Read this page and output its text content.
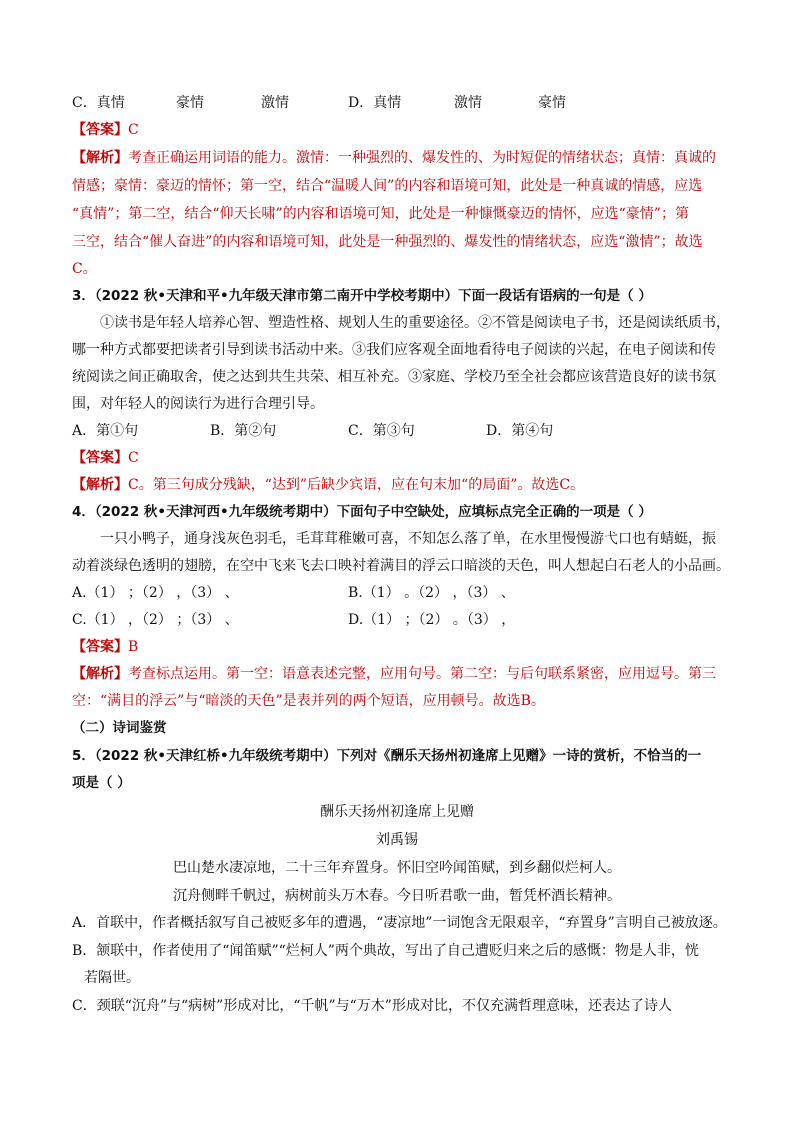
C．真情	豪情	激情	D．真情	激情	豪情
【答案】C
【解析】考查正确运用词语的能力。激情：一种强烈的、爆发性的、为时短促的情绪状态；真情：真诚的
情感；豪情：豪迈的情怀；第一空，结合“温暖人间”的内容和语境可知，此处是一种真诚的情感，应选
“真情”；第二空，结合“仰天长啸”的内容和语境可知，此处是一种慷慨豪迈的情怀，应选“豪情”；第
三空，结合“催人奋进”的内容和语境可知，此处是一种强烈的、爆发性的情绪状态，应选“激情”；故选
C。
3．（2022 秋•天津和平•九年级天津市第二南开中学校考期中）下面一段话有语病的一句是（ ）
①读书是年轻人培养心智、塑造性格、规划人生的重要途径。②不管是阅读电子书，还是阅读纸质书，
哪一种方式都要把读者引导到读书活动中来。③我们应客观全面地看待电子阅读的兴起，在电子阅读和传
统阅读之间正确取舍，使之达到共生共荣、相互补充。③家庭、学校乃至全社会都应该营造良好的读书氛
围，对年轻人的阅读行为进行合理引导。
A．第①句	B．第②句	C．第③句	D．第④句
【答案】C
【解析】C。第三句成分残缺，“达到”后缺少宾语，应在句末加“的局面”。故选C。
4．（2022 秋•天津河西•九年级统考期中）下面句子中空缺处，应填标点完全正确的一项是（ ）
一只小鸭子，通身浅灰色羽毛，毛茸茸稚嫩可喜，不知怎么落了单，在水里慢慢游弋口也有蜻蜓，振
动着淡绿色透明的翅膀，在空中飞来飞去口映衬着满目的浮云口暗淡的天色，叫人想起白石老人的小品画。
A.（1） ；（2） ，（3） 、	B.（1） 。（2） ，（3） 、
C.（1） ，（2） ；（3） 、	D.（1） ；（2） 。（3） ，
【答案】B
【解析】考查标点运用。第一空：语意表述完整，应用句号。第二空：与后句联系紧密，应用逗号。第三
空：“满目的浮云”与“暗淡的天色”是表并列的两个短语，应用顿号。故选B。
（二）诗词鉴赏
5．（2022 秋•天津红桥•九年级统考期中）下列对《酬乐天扬州初逢席上见赠》一诗的赏析，不恰当的一
项是（ ）
酬乐天扬州初逢席上见赠
刘禹锡
巴山楚水凄凉地，二十三年弃置身。怀旧空吟闻笛赋，到乡翻似烂柯人。
沉舟侧畔千帆过，病树前头万木春。今日听君歌一曲，暂凭杯酒长精神。
A．首联中，作者概括叙写自己被贬多年的遭遇，“凄凉地”一词饱含无限艰辛，“弃置身”言明自己被放逐。
B．颔联中，作者使用了“闻笛赋”“烂柯人”两个典故，写出了自己遭贬归来之后的感慨：物是人非，恍
若隔世。
C．颈联“沉舟”与“病树”形成对比，“千帆”与“万木”形成对比，不仅充满哲理意味，还表达了诗人
